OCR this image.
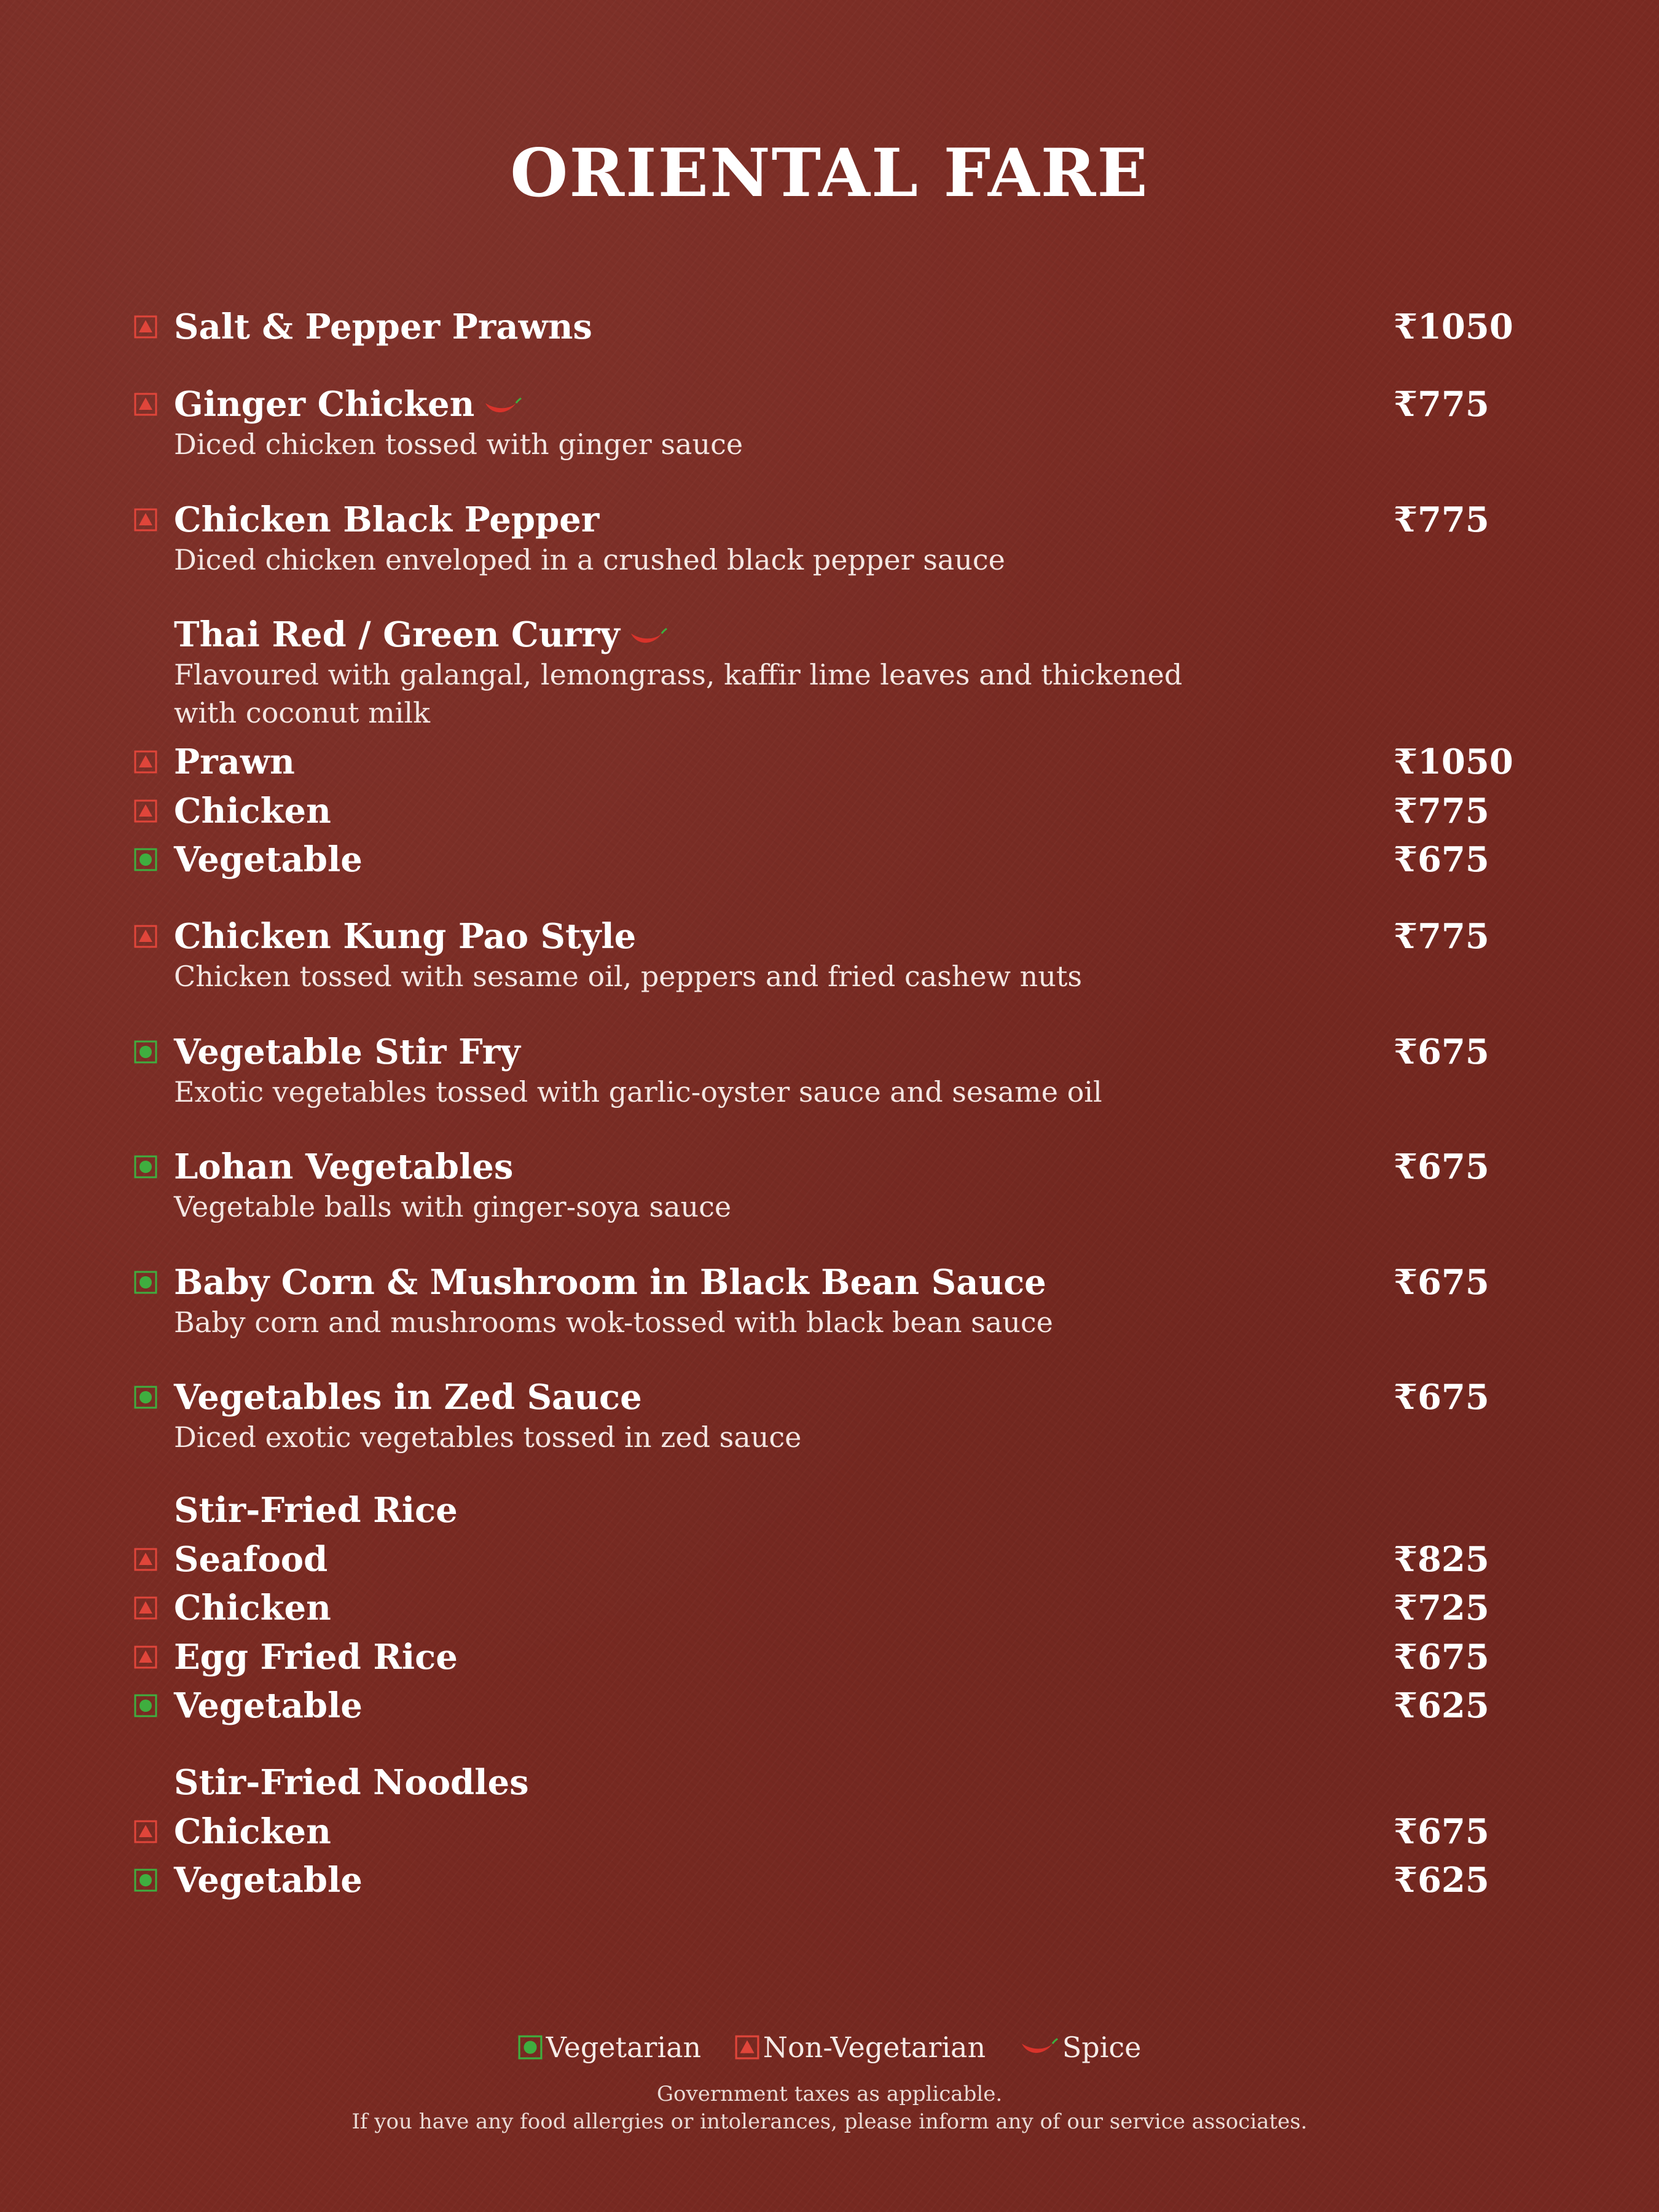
ORIENTAL FARE
Salt & Pepper Prawns	₹1050
Ginger Chicken	₹775
Diced chicken tossed with ginger sauce
Chicken Black Pepper	₹775
Diced chicken enveloped in a crushed black pepper sauce
Thai Red / Green Curry
Flavoured with galangal, lemongrass, kaffir lime leaves and thickened with coconut milk
Prawn	₹1050
Chicken	₹775
Vegetable	₹675
Chicken Kung Pao Style	₹775
Chicken tossed with sesame oil, peppers and fried cashew nuts
Vegetable Stir Fry	₹675
Exotic vegetables tossed with garlic-oyster sauce and sesame oil
Lohan Vegetables	₹675
Vegetable balls with ginger-soya sauce
Baby Corn & Mushroom in Black Bean Sauce	₹675
Baby corn and mushrooms wok-tossed with black bean sauce
Vegetables in Zed Sauce	₹675
Diced exotic vegetables tossed in zed sauce
Stir-Fried Rice
Seafood	₹825
Chicken	₹725
Egg Fried Rice	₹675
Vegetable	₹625
Stir-Fried Noodles
Chicken	₹675
Vegetable	₹625
Vegetarian
Non-Vegetarian
	Spice
Government taxes as applicable.
If you have any food allergies or intolerances, please inform any of our service associates.
